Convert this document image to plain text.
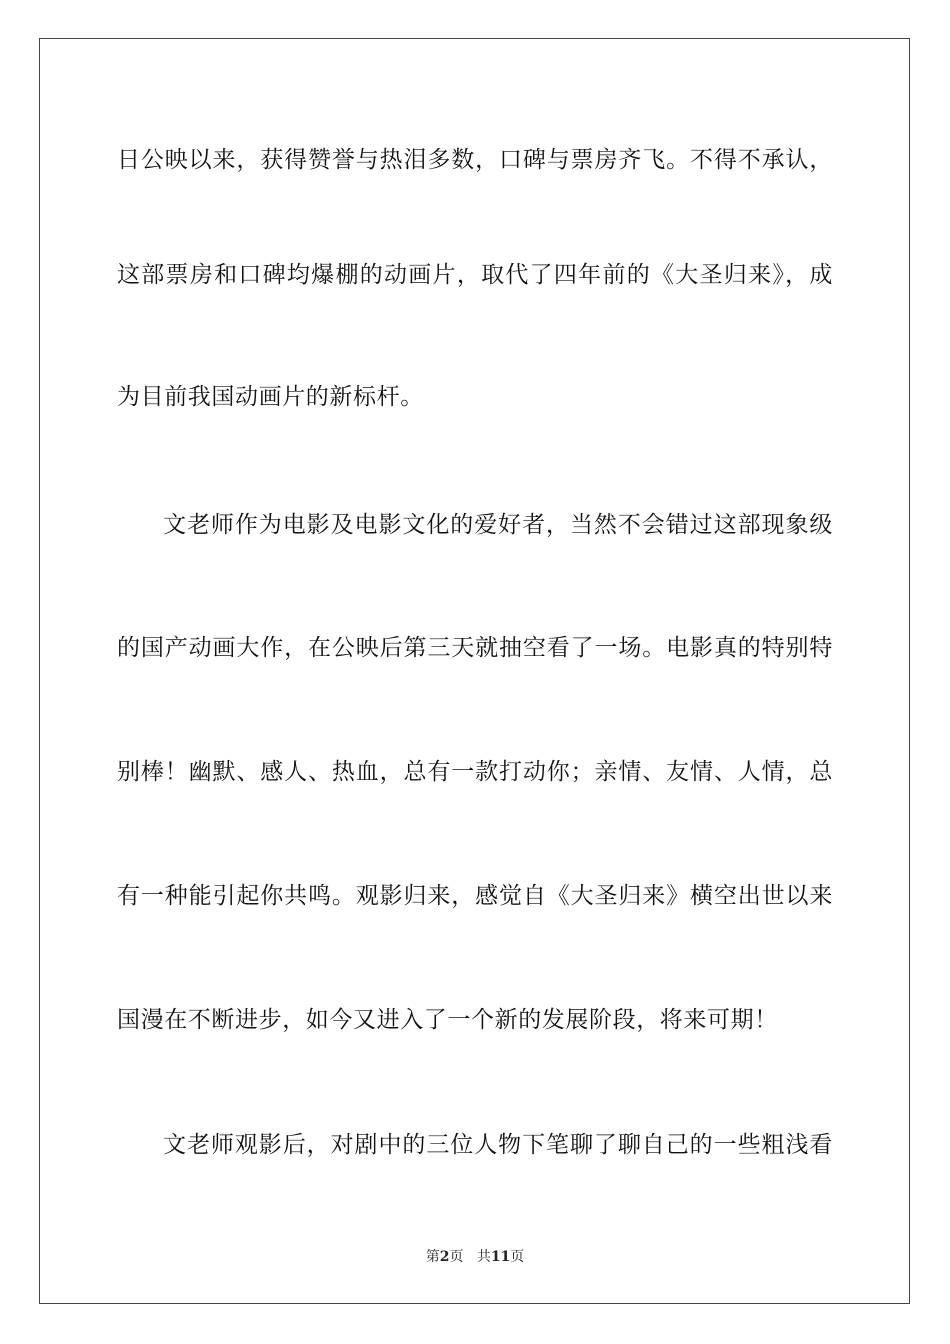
日公映以来，获得赞誉与热泪多数，口碑与票房齐飞。不得不承认，
这部票房和口碑均爆棚的动画片，取代了四年前的《大圣归来》，成
为目前我国动画片的新标杆。
文老师作为电影及电影文化的爱好者，当然不会错过这部现象级
的国产动画大作，在公映后第三天就抽空看了一场。电影真的特别特
别棒！幽默、感人、热血，总有一款打动你；亲情、友情、人情，总
有一种能引起你共鸣。观影归来，感觉自《大圣归来》横空出世以来
国漫在不断进步，如今又进入了一个新的发展阶段，将来可期！
文老师观影后，对剧中的三位人物下笔聊了聊自己的一些粗浅看
第2页 共11页
